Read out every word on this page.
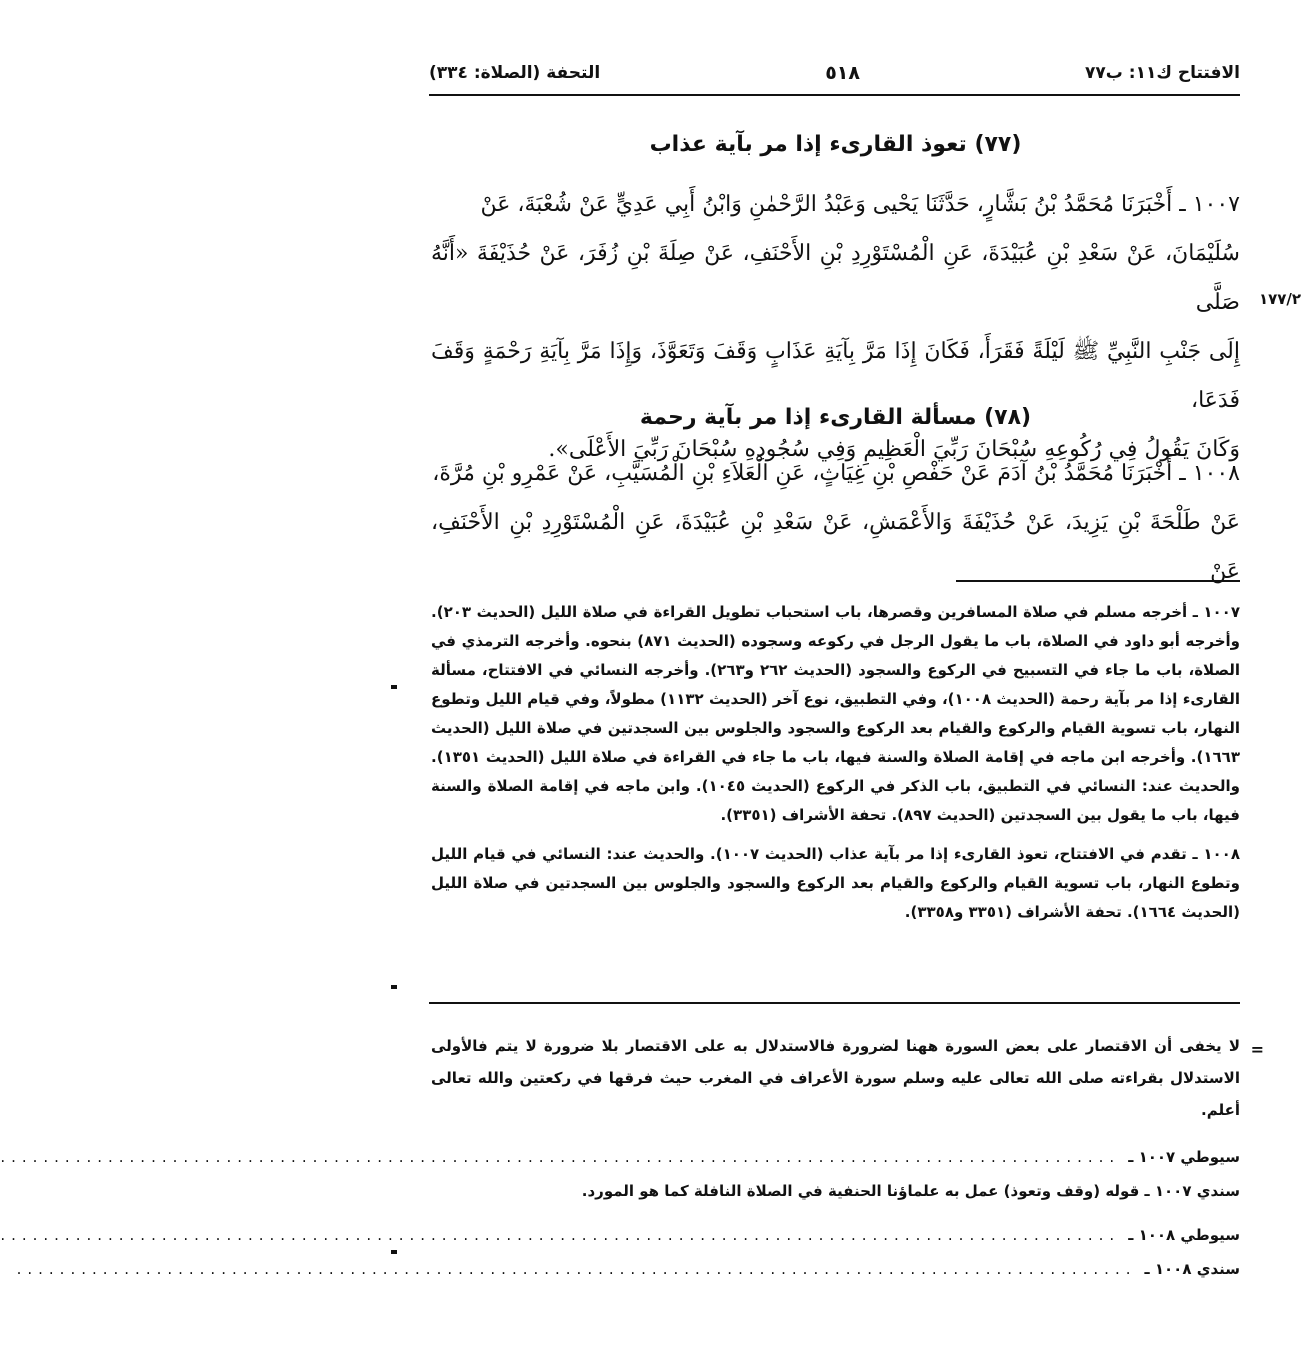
الافتتاح ك١١: ب٧٧
٥١٨
التحفة (الصلاة: ٣٣٤)
(٧٧) تعوذ القارىء إذا مر بآية عذاب

١٠٠٧ ـ أَخْبَرَنَا مُحَمَّدُ بْنُ بَشَّارٍ، حَدَّثَنَا يَحْيى وَعَبْدُ الرَّحْمٰنِ وَابْنُ أَبِي عَدِيٍّ عَنْ شُعْبَةَ، عَنْ

سُلَيْمَانَ، عَنْ سَعْدِ بْنِ عُبَيْدَةَ، عَنِ الْمُسْتَوْرِدِ بْنِ الأَحْنَفِ، عَنْ صِلَةَ بْنِ زُفَرَ، عَنْ حُذَيْفَةَ «أَنَّهُ صَلَّى

إِلَى جَنْبِ النَّبِيِّ ﷺ لَيْلَةً فَقَرَأَ، فَكَانَ إِذَا مَرَّ بِآيَةِ عَذَابٍ وَقَفَ وَتَعَوَّذَ، وَإِذَا مَرَّ بِآيَةِ رَحْمَةٍ وَقَفَ فَدَعَا،

وَكَانَ يَقُولُ فِي رُكُوعِهِ سُبْحَانَ رَبِّيَ الْعَظِيمِ وَفِي سُجُودِهِ سُبْحَانَ رَبِّيَ الأَعْلَى».

١٧٧/٢
(٧٨) مسألة القارىء إذا مر بآية رحمة

١٠٠٨ ـ أَخْبَرَنَا مُحَمَّدُ بْنُ آدَمَ عَنْ حَفْصِ بْنِ غِيَاثٍ، عَنِ الْعَلاَءِ بْنِ الْمُسَيَّبِ، عَنْ عَمْرِو بْنِ مُرَّةَ،

عَنْ طَلْحَةَ بْنِ يَزِيدَ، عَنْ حُذَيْفَةَ وَالأَعْمَشِ، عَنْ سَعْدِ بْنِ عُبَيْدَةَ، عَنِ الْمُسْتَوْرِدِ بْنِ الأَحْنَفِ، عَنْ

١٠٠٧ ـ أخرجه مسلم في صلاة المسافرين وقصرها، باب استحباب تطويل القراءة في صلاة الليل (الحديث ٢٠٣). وأخرجه أبو داود في الصلاة، باب ما يقول الرجل في ركوعه وسجوده (الحديث ٨٧١) بنحوه. وأخرجه الترمذي في الصلاة، باب ما جاء في التسبيح في الركوع والسجود (الحديث ٢٦٢ و٢٦٣). وأخرجه النسائي في الافتتاح، مسألة القارىء إذا مر بآية رحمة (الحديث ١٠٠٨)، وفي التطبيق، نوع آخر (الحديث ١١٣٢) مطولاً، وفي قيام الليل وتطوع النهار، باب تسوية القيام والركوع والقيام بعد الركوع والسجود والجلوس بين السجدتين في صلاة الليل (الحديث ١٦٦٣). وأخرجه ابن ماجه في إقامة الصلاة والسنة فيها، باب ما جاء في القراءة في صلاة الليل (الحديث ١٣٥١). والحديث عند: النسائي في التطبيق، باب الذكر في الركوع (الحديث ١٠٤٥). وابن ماجه في إقامة الصلاة والسنة فيها، باب ما يقول بين السجدتين (الحديث ٨٩٧). تحفة الأشراف (٣٣٥١).

١٠٠٨ ـ تقدم في الافتتاح، تعوذ القارىء إذا مر بآية عذاب (الحديث ١٠٠٧). والحديث عند: النسائي في قيام الليل وتطوع النهار، باب تسوية القيام والركوع والقيام بعد الركوع والسجود والجلوس بين السجدتين في صلاة الليل (الحديث ١٦٦٤). تحفة الأشراف (٣٣٥١ و٣٣٥٨).

=

لا يخفى أن الاقتصار على بعض السورة ههنا لضرورة فالاستدلال به على الاقتصار بلا ضرورة لا يتم فالأولى الاستدلال بقراءته صلى الله تعالى عليه وسلم سورة الأعراف في المغرب حيث فرقها في ركعتين والله تعالى أعلم.

سيوطي ١٠٠٧ ـ
........................................................................................................

سندي ١٠٠٧ ـ قوله (وقف وتعوذ) عمل به علماؤنا الحنفية في الصلاة النافلة كما هو المورد.

سيوطي ١٠٠٨ ـ
........................................................................................................
سندي ١٠٠٨ ـ
........................................................................................................
